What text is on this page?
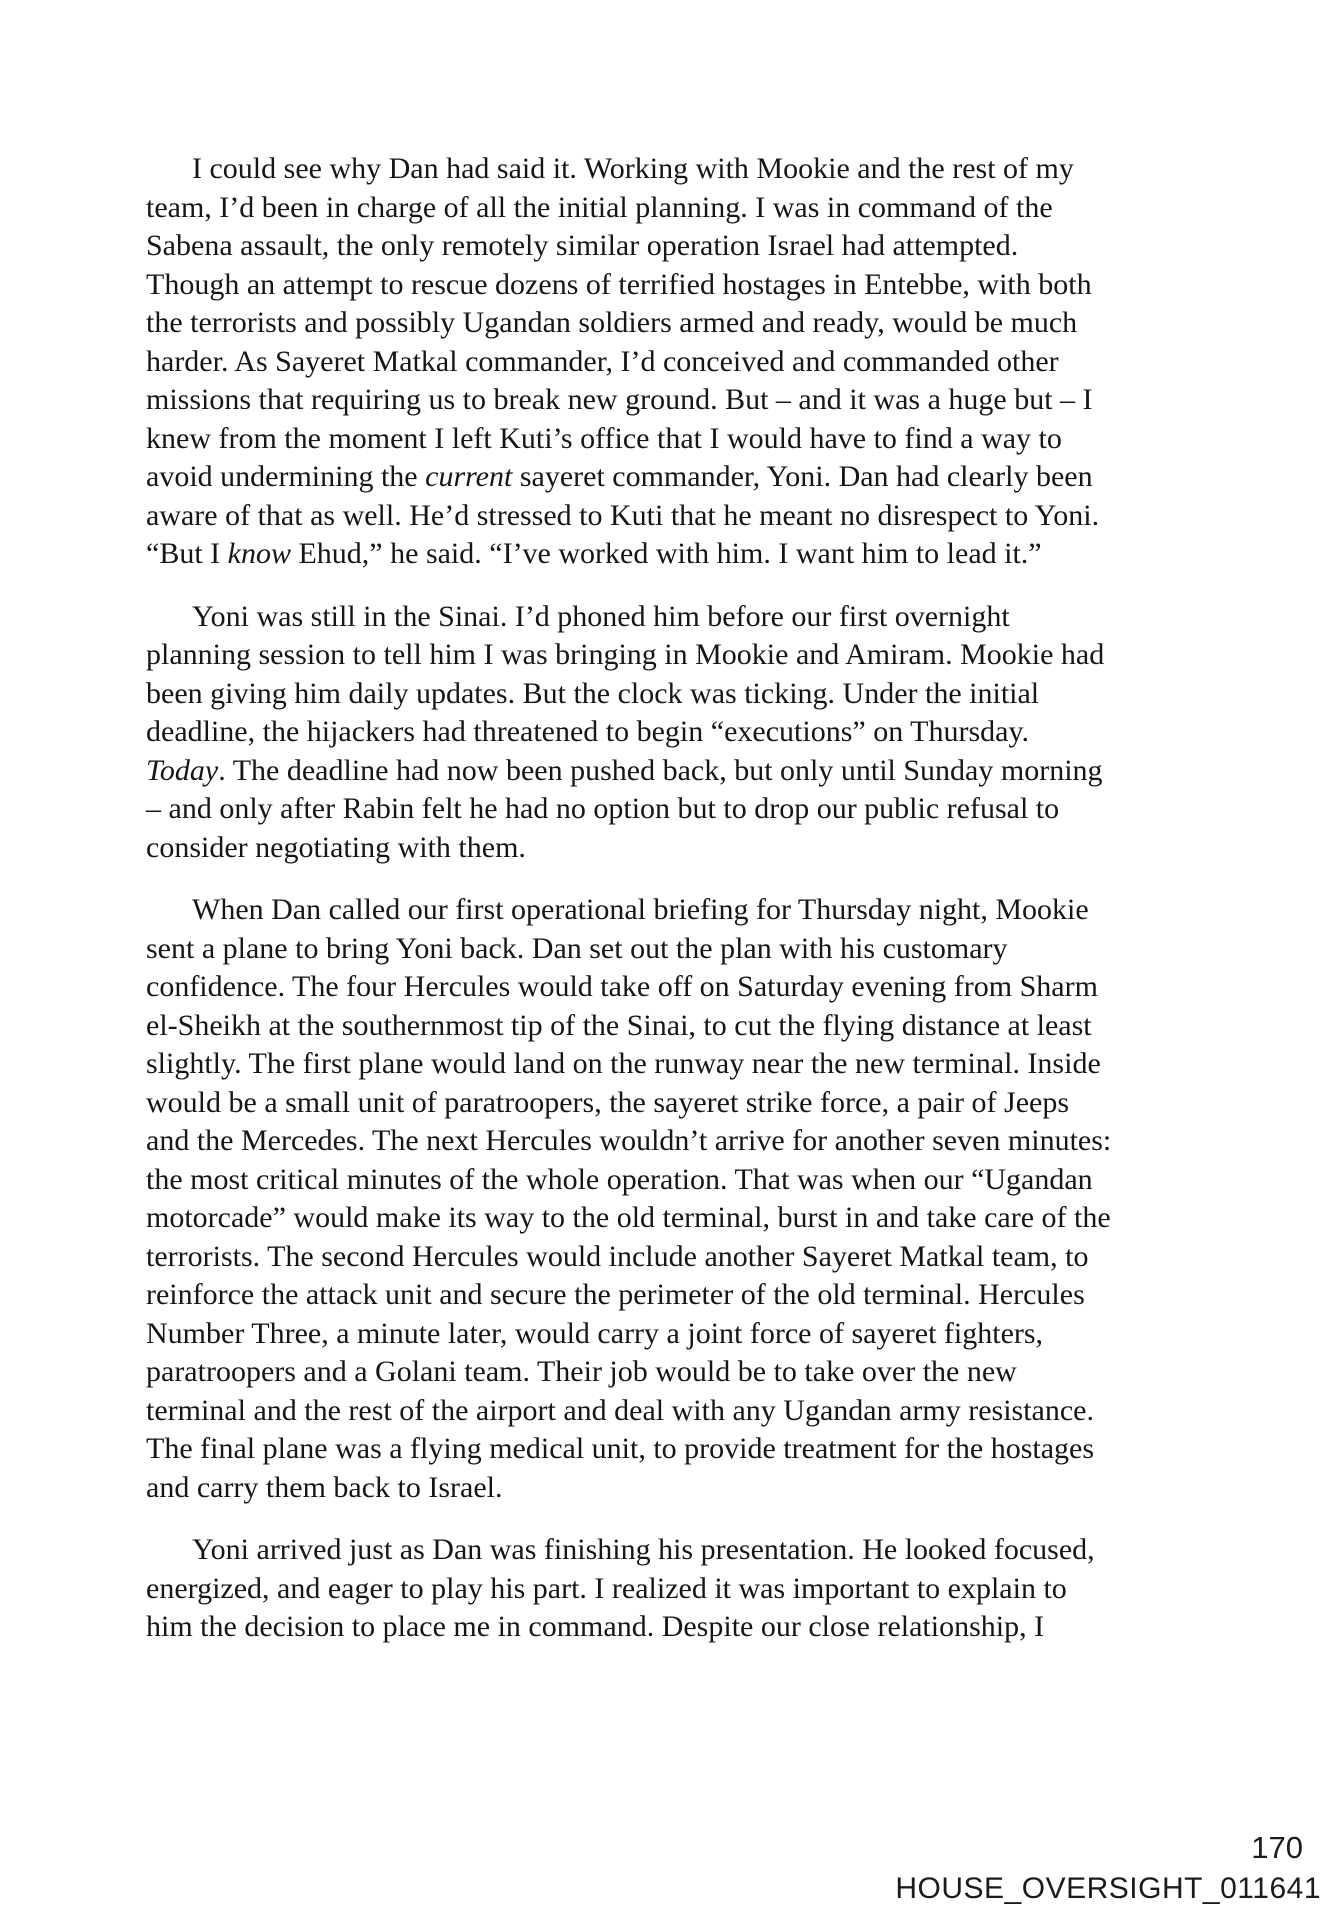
I could see why Dan had said it. Working with Mookie and the rest of my
team, I’d been in charge of all the initial planning. I was in command of the
Sabena assault, the only remotely similar operation Israel had attempted.
Though an attempt to rescue dozens of terrified hostages in Entebbe, with both
the terrorists and possibly Ugandan soldiers armed and ready, would be much
harder. As Sayeret Matkal commander, I’d conceived and commanded other
missions that requiring us to break new ground. But – and it was a huge but – I
knew from the moment I left Kuti’s office that I would have to find a way to
avoid undermining the current sayeret commander, Yoni. Dan had clearly been
aware of that as well. He’d stressed to Kuti that he meant no disrespect to Yoni.
“But I know Ehud,” he said. “I’ve worked with him. I want him to lead it.”

Yoni was still in the Sinai. I’d phoned him before our first overnight
planning session to tell him I was bringing in Mookie and Amiram. Mookie had
been giving him daily updates. But the clock was ticking. Under the initial
deadline, the hijackers had threatened to begin “executions” on Thursday.
Today. The deadline had now been pushed back, but only until Sunday morning
– and only after Rabin felt he had no option but to drop our public refusal to
consider negotiating with them.

When Dan called our first operational briefing for Thursday night, Mookie
sent a plane to bring Yoni back. Dan set out the plan with his customary
confidence. The four Hercules would take off on Saturday evening from Sharm
el-Sheikh at the southernmost tip of the Sinai, to cut the flying distance at least
slightly. The first plane would land on the runway near the new terminal. Inside
would be a small unit of paratroopers, the sayeret strike force, a pair of Jeeps
and the Mercedes. The next Hercules wouldn’t arrive for another seven minutes:
the most critical minutes of the whole operation. That was when our “Ugandan
motorcade” would make its way to the old terminal, burst in and take care of the
terrorists. The second Hercules would include another Sayeret Matkal team, to
reinforce the attack unit and secure the perimeter of the old terminal. Hercules
Number Three, a minute later, would carry a joint force of sayeret fighters,
paratroopers and a Golani team. Their job would be to take over the new
terminal and the rest of the airport and deal with any Ugandan army resistance.
The final plane was a flying medical unit, to provide treatment for the hostages
and carry them back to Israel.

Yoni arrived just as Dan was finishing his presentation. He looked focused,
energized, and eager to play his part. I realized it was important to explain to
him the decision to place me in command. Despite our close relationship, I

170
HOUSE_OVERSIGHT_011641
